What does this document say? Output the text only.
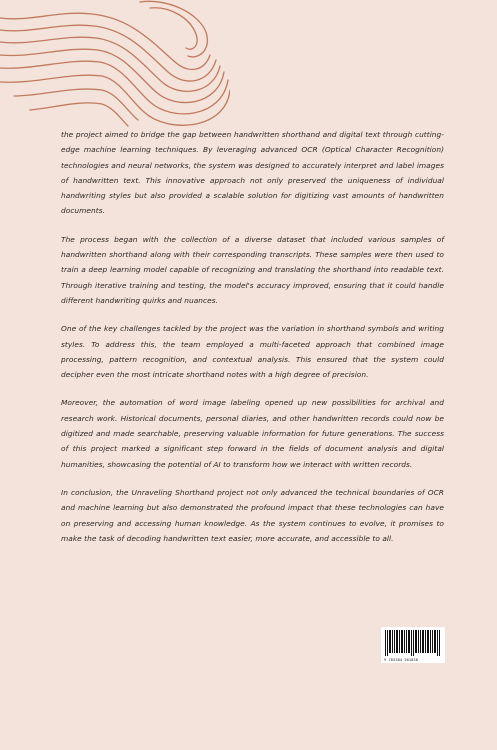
the project aimed to bridge the gap between handwritten shorthand and digital text through cutting-edge machine learning techniques. By leveraging advanced OCR (Optical Character Recognition) technologies and neural networks, the system was designed to accurately interpret and label images of handwritten text. This innovative approach not only preserved the uniqueness of individual handwriting styles but also provided a scalable solution for digitizing vast amounts of handwritten documents.

The process began with the collection of a diverse dataset that included various samples of handwritten shorthand along with their corresponding transcripts. These samples were then used to train a deep learning model capable of recognizing and translating the shorthand into readable text. Through iterative training and testing, the model's accuracy improved, ensuring that it could handle different handwriting quirks and nuances.

One of the key challenges tackled by the project was the variation in shorthand symbols and writing styles. To address this, the team employed a multi-faceted approach that combined image processing, pattern recognition, and contextual analysis. This ensured that the system could decipher even the most intricate shorthand notes with a high degree of precision.

Moreover, the automation of word image labeling opened up new possibilities for archival and research work. Historical documents, personal diaries, and other handwritten records could now be digitized and made searchable, preserving valuable information for future generations. The success of this project marked a significant step forward in the fields of document analysis and digital humanities, showcasing the potential of AI to transform how we interact with written records.

In conclusion, the Unraveling Shorthand project not only advanced the technical boundaries of OCR and machine learning but also demonstrated the profound impact that these technologies can have on preserving and accessing human knowledge. As the system continues to evolve, it promises to make the task of decoding handwritten text easier, more accurate, and accessible to all.

9 783384 261838
